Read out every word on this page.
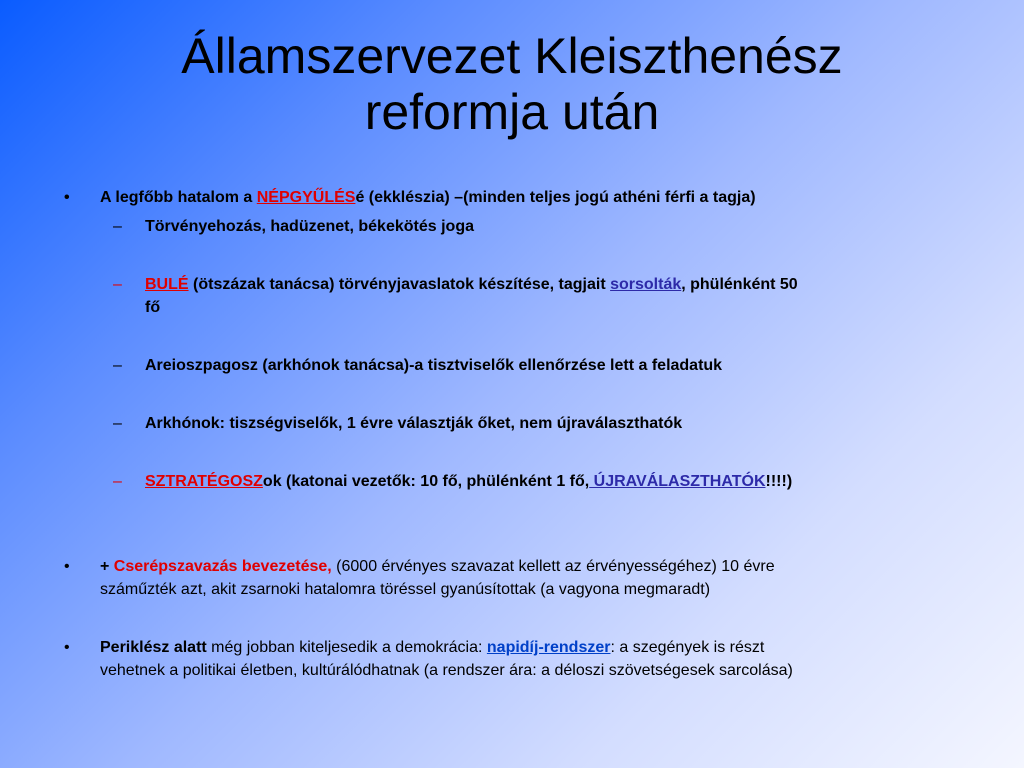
Államszervezet Kleiszthenész
reformja után
• A legfőbb hatalom a NÉPGYŰLÉSé (ekklészia) –(minden teljes jogú athéni férfi a tagja)
– Törvényehozás, hadüzenet, békekötés joga
– BULÉ (ötszázak tanácsa) törvényjavaslatok készítése, tagjait sorsolták, phülénként 50
fő
– Areioszpagosz (arkhónok tanácsa)-a tisztviselők ellenőrzése lett a feladatuk
– Arkhónok: tiszségviselők, 1 évre választják őket, nem újraválaszthatók
– SZTRATÉGOSZok (katonai vezetők: 10 fő, phülénként 1 fő, ÚJRAVÁLASZTHATÓK!!!!)
• + Cserépszavazás bevezetése, (6000 érvényes szavazat kellett az érvényességéhez) 10 évre
száműzték azt, akit zsarnoki hatalomra töréssel gyanúsítottak (a vagyona megmaradt)
• Periklész alatt még jobban kiteljesedik a demokrácia: napidíj-rendszer: a szegények is részt
vehetnek a politikai életben, kultúrálódhatnak (a rendszer ára: a déloszi szövetségesek sarcolása)
